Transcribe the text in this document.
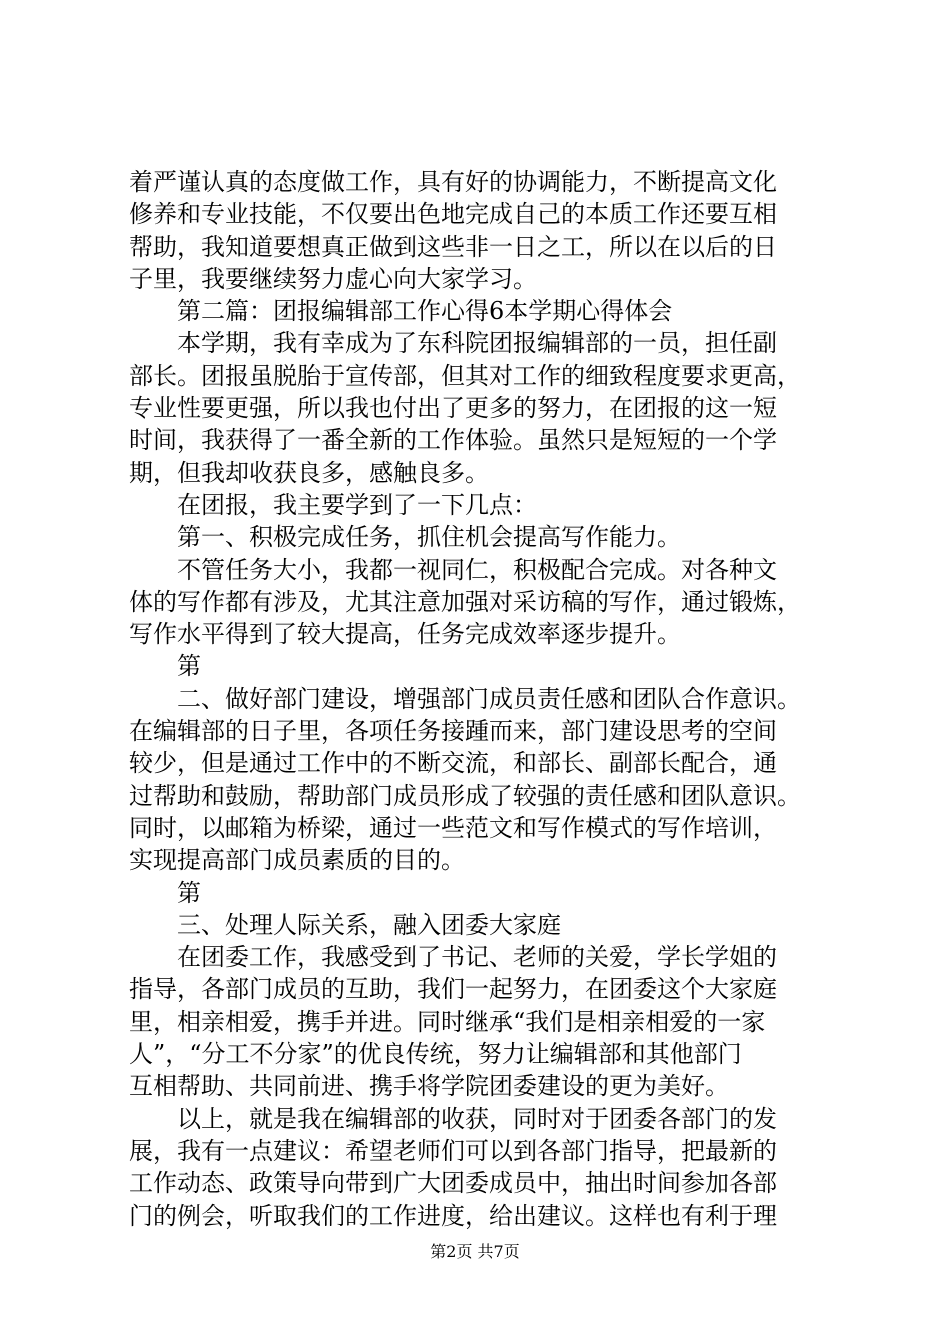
着严谨认真的态度做工作，具有好的协调能力，不断提高文化
修养和专业技能，不仅要出色地完成自己的本质工作还要互相
帮助，我知道要想真正做到这些非一日之工，所以在以后的日
子里，我要继续努力虚心向大家学习。
第二篇：团报编辑部工作心得6本学期心得体会
本学期，我有幸成为了东科院团报编辑部的一员，担任副
部长。团报虽脱胎于宣传部，但其对工作的细致程度要求更高，
专业性要更强，所以我也付出了更多的努力，在团报的这一短
时间，我获得了一番全新的工作体验。虽然只是短短的一个学
期，但我却收获良多，感触良多。
在团报，我主要学到了一下几点：
第一、积极完成任务，抓住机会提高写作能力。
不管任务大小，我都一视同仁，积极配合完成。对各种文
体的写作都有涉及，尤其注意加强对采访稿的写作，通过锻炼，
写作水平得到了较大提高，任务完成效率逐步提升。
第
二、做好部门建设，增强部门成员责任感和团队合作意识。
在编辑部的日子里，各项任务接踵而来，部门建设思考的空间
较少，但是通过工作中的不断交流，和部长、副部长配合，通
过帮助和鼓励，帮助部门成员形成了较强的责任感和团队意识。
同时，以邮箱为桥梁，通过一些范文和写作模式的写作培训，
实现提高部门成员素质的目的。
第
三、处理人际关系，融入团委大家庭
在团委工作，我感受到了书记、老师的关爱，学长学姐的
指导，各部门成员的互助，我们一起努力，在团委这个大家庭
里，相亲相爱，携手并进。同时继承“我们是相亲相爱的一家
人”，“分工不分家”的优良传统，努力让编辑部和其他部门
互相帮助、共同前进、携手将学院团委建设的更为美好。
以上，就是我在编辑部的收获，同时对于团委各部门的发
展，我有一点建议：希望老师们可以到各部门指导，把最新的
工作动态、政策导向带到广大团委成员中，抽出时间参加各部
门的例会，听取我们的工作进度，给出建议。这样也有利于理
第2页 共7页
